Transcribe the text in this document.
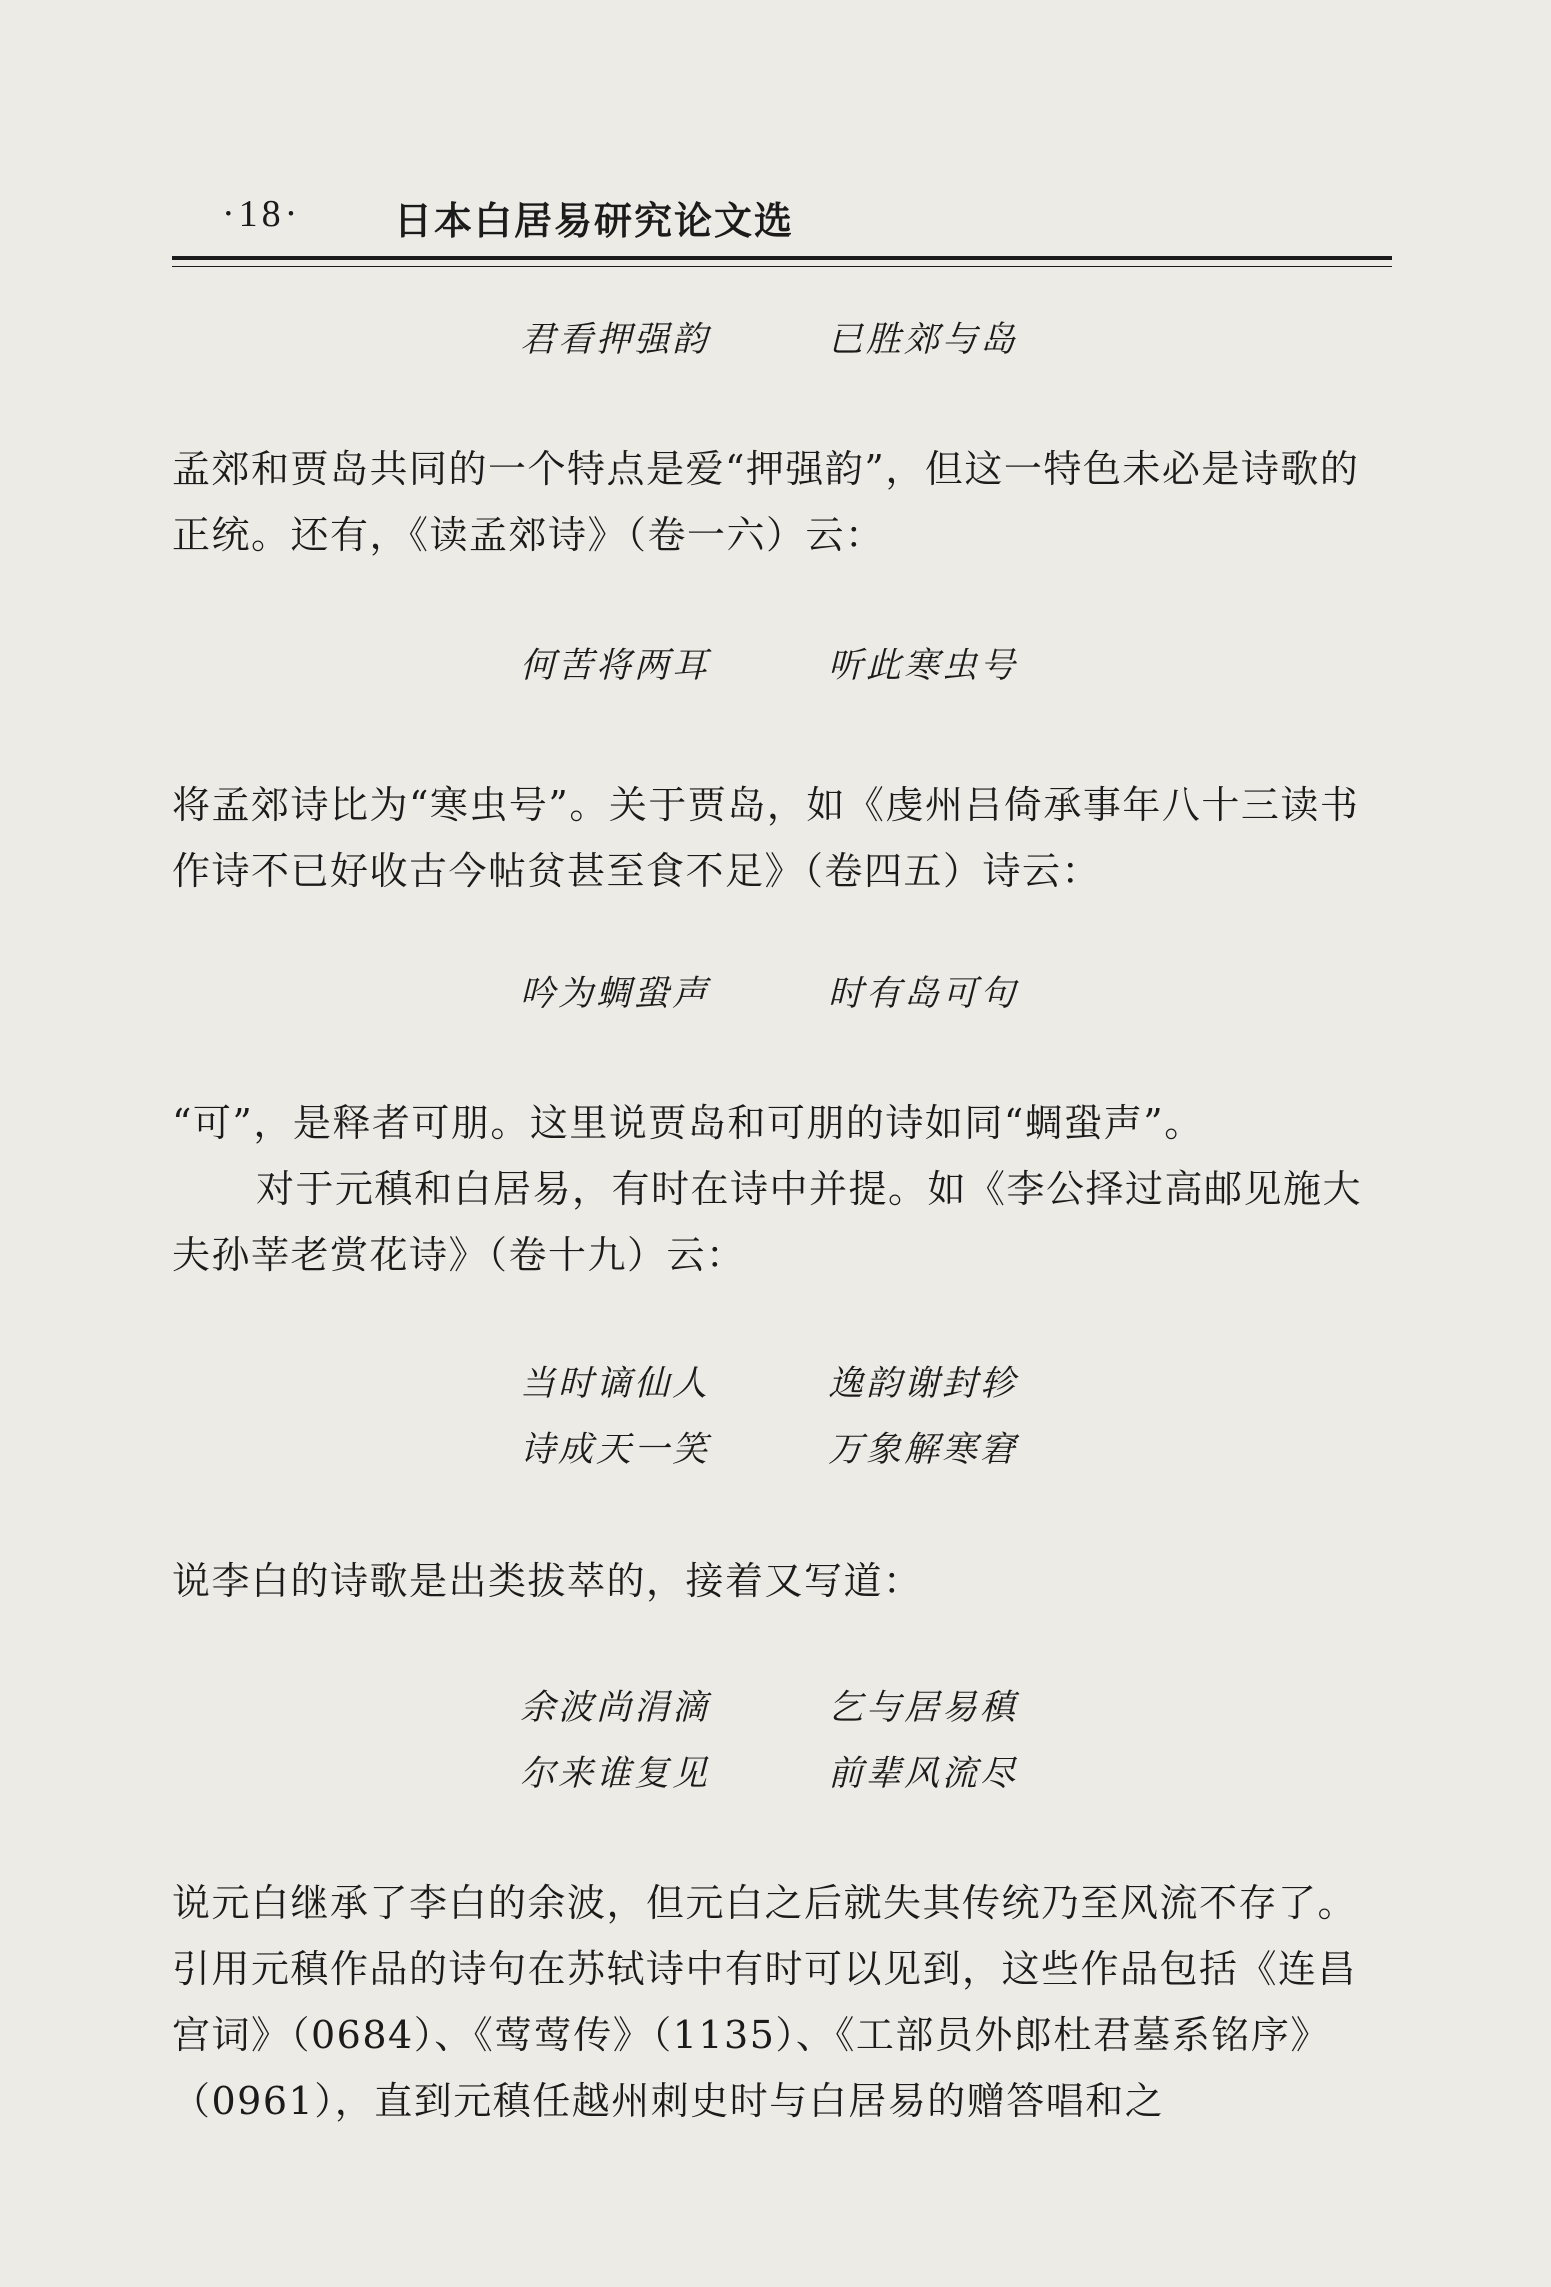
·18· 日本白居易研究论文选
君看押强韵	已胜郊与岛

孟郊和贾岛共同的一个特点是爱“押强韵”，但这一特色未必是诗歌的正统。还有，《读孟郊诗》（卷一六）云：

何苦将两耳	听此寒虫号

将孟郊诗比为“寒虫号”。关于贾岛，如《虔州吕倚承事年八十三读书作诗不已好收古今帖贫甚至食不足》（卷四五）诗云：

吟为蜩蛩声	时有岛可句

“可”，是释者可朋。这里说贾岛和可朋的诗如同“蜩蛩声”。

对于元稹和白居易，有时在诗中并提。如《李公择过高邮见施大夫孙莘老赏花诗》（卷十九）云：

当时谪仙人	逸韵谢封轸
诗成天一笑	万象解寒窘

说李白的诗歌是出类拔萃的，接着又写道：

余波尚涓滴	乞与居易稹
尔来谁复见	前辈风流尽

说元白继承了李白的余波，但元白之后就失其传统乃至风流不存了。引用元稹作品的诗句在苏轼诗中有时可以见到，这些作品包括《连昌宫词》（0684）、《莺莺传》（1135）、《工部员外郎杜君墓系铭序》（0961），直到元稹任越州刺史时与白居易的赠答唱和之
